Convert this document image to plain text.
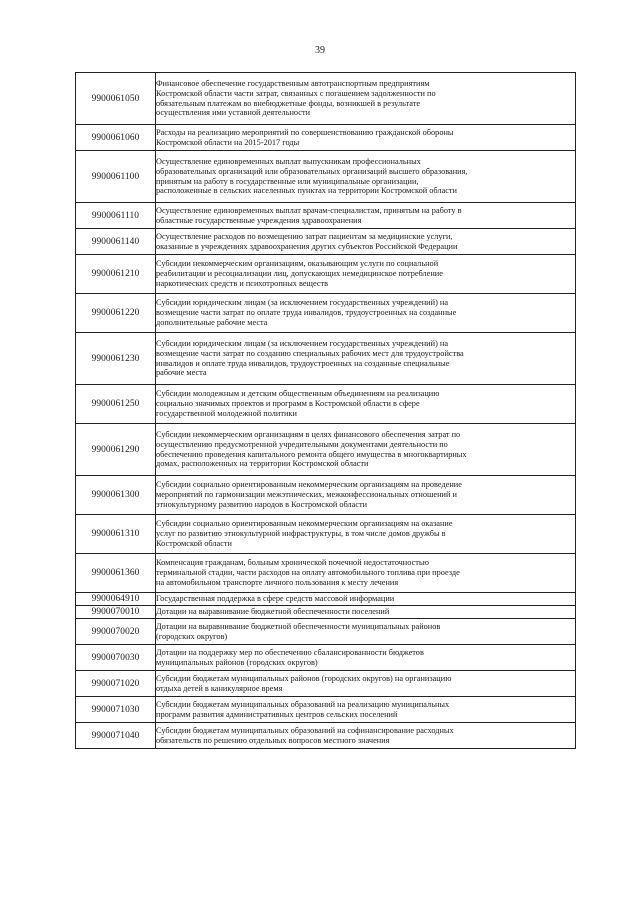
39
9900061050	Финансовое обеспечение государственным автотранспортным предприятиям
Костромской области части затрат, связанных с погашением задолженности по
обязательным платежам во внебюджетные фонды, возникшей в результате
осуществления ими уставной деятельности

9900061060	Расходы на реализацию мероприятий по совершенствованию гражданской обороны
Костромской области на 2015-2017 годы

9900061100	Осуществление единовременных выплат выпускникам профессиональных
образовательных организаций или образовательных организаций высшего образования,
принятым на работу в государственные или муниципальные организации,
расположенные в сельских населенных пунктах на территории Костромской области

9900061110	Осуществление единовременных выплат врачам-специалистам, принятым на работу в
областные государственные учреждения здравоохранения

9900061140	Осуществление расходов по возмещению затрат пациентам за медицинские услуги,
оказанные в учреждениях здравоохранения других субъектов Российской Федерации

9900061210	Субсидии некоммерческим организациям, оказывающим услуги по социальной
реабилитации и ресоциализации лиц, допускающих немедицинское потребление
наркотических средств и психотропных веществ

9900061220	Субсидии юридическим лицам (за исключением государственных учреждений) на
возмещение части затрат по оплате труда инвалидов, трудоустроенных на созданные
дополнительные рабочие места

9900061230	Субсидии юридическим лицам (за исключением государственных учреждений) на
возмещение части затрат по созданию специальных рабочих мест для трудоустройства
инвалидов и оплате труда инвалидов, трудоустроенных на созданные специальные
рабочие места

9900061250	Субсидии молодежным и детским общественным объединениям на реализацию
социально значимых проектов и программ в Костромской области в сфере
государственной молодежной политики

9900061290	Субсидии некоммерческим организациям в целях финансового обеспечения затрат по
осуществлению предусмотренной учредительными документами деятельности по
обеспечению проведения капитального ремонта общего имущества в многоквартирных
домах, расположенных на территории Костромской области

9900061300	Субсидии социально ориентированным некоммерческим организациям на проведение
мероприятий по гармонизации межэтнических, межконфессиональных отношений и
этнокультурному развитию народов в Костромской области

9900061310	Субсидии социально ориентированным некоммерческим организациям на оказание
услуг по развитию этнокультурной инфраструктуры, в том числе домов дружбы в
Костромской области

9900061360	Компенсация гражданам, больным хронической почечной недостаточностью
терминальной стадии, части расходов на оплату автомобильного топлива при проезде
на автомобильном транспорте личного пользования к месту лечения

9900064910	Государственная поддержка в сфере средств массовой информации

9900070010	Дотации на выравнивание бюджетной обеспеченности поселений

9900070020	Дотации на выравнивание бюджетной обеспеченности муниципальных районов
(городских округов)

9900070030	Дотации на поддержку мер по обеспечению сбалансированности бюджетов
муниципальных районов (городских округов)

9900071020	Субсидии бюджетам муниципальных районов (городских округов) на организацию
отдыха детей в каникулярное время

9900071030	Субсидии бюджетам муниципальных образований на реализацию муниципальных
программ развития административных центров сельских поселений

9900071040	Субсидии бюджетам муниципальных образований на софинансирование расходных
обязательств по решению отдельных вопросов местного значения
